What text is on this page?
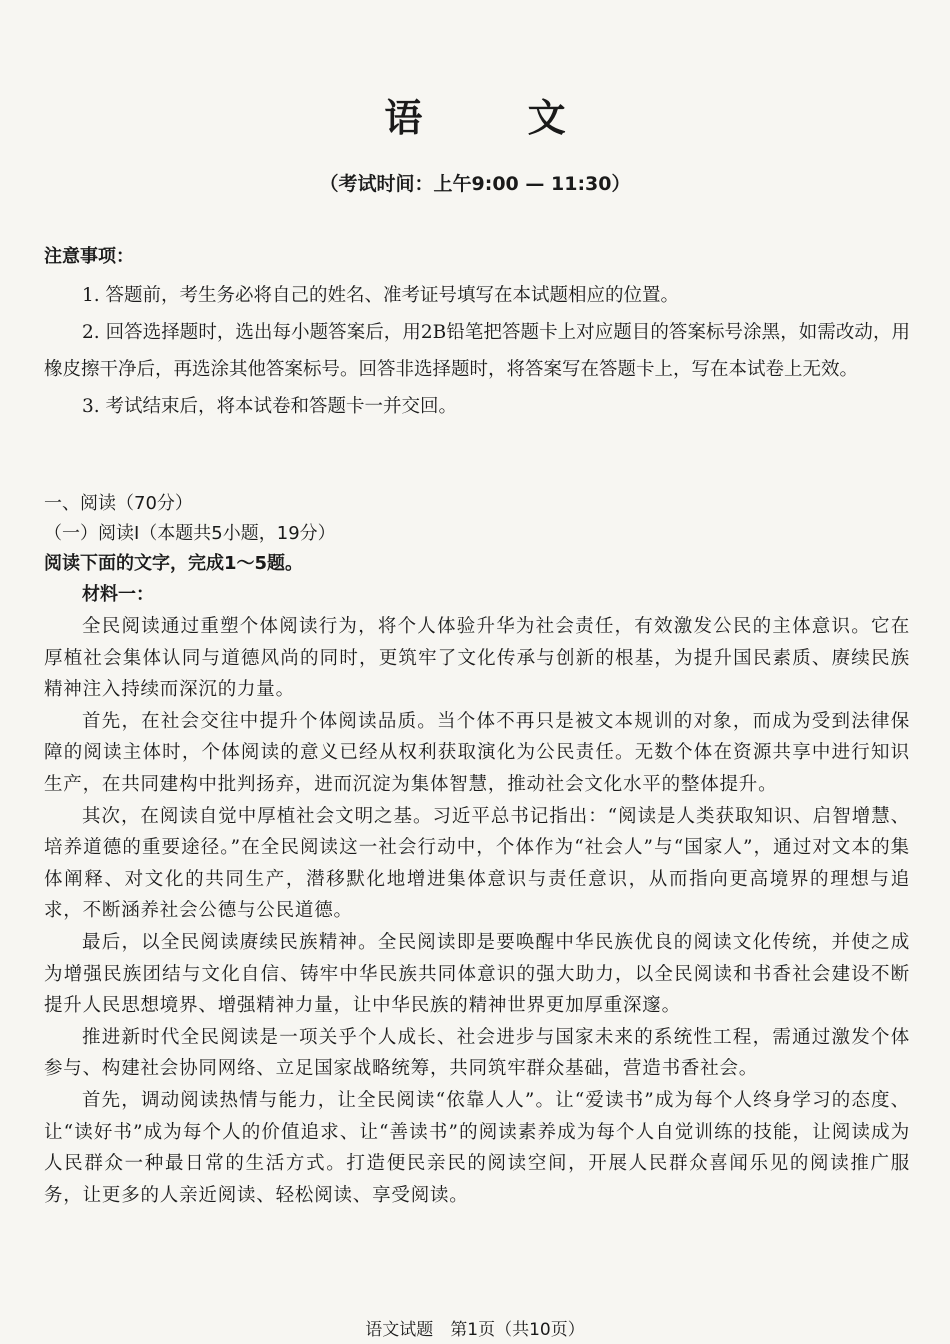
语 文
（考试时间：上午9:00 — 11:30）

注意事项：

1. 答题前，考生务必将自己的姓名、准考证号填写在本试题相应的位置。

2. 回答选择题时，选出每小题答案后，用2B铅笔把答题卡上对应题目的答案标号涂黑，如需改动，用橡皮擦干净后，再选涂其他答案标号。回答非选择题时，将答案写在答题卡上，写在本试卷上无效。

3. 考试结束后，将本试卷和答题卡一并交回。

一、阅读（70分）

（一）阅读Ⅰ（本题共5小题，19分）

阅读下面的文字，完成1～5题。

材料一：

全民阅读通过重塑个体阅读行为，将个人体验升华为社会责任，有效激发公民的主体意识。它在厚植社会集体认同与道德风尚的同时，更筑牢了文化传承与创新的根基，为提升国民素质、赓续民族精神注入持续而深沉的力量。

首先，在社会交往中提升个体阅读品质。当个体不再只是被文本规训的对象，而成为受到法律保障的阅读主体时，个体阅读的意义已经从权利获取演化为公民责任。无数个体在资源共享中进行知识生产，在共同建构中批判扬弃，进而沉淀为集体智慧，推动社会文化水平的整体提升。

其次，在阅读自觉中厚植社会文明之基。习近平总书记指出：“阅读是人类获取知识、启智增慧、培养道德的重要途径。”在全民阅读这一社会行动中，个体作为“社会人”与“国家人”，通过对文本的集体阐释、对文化的共同生产，潜移默化地增进集体意识与责任意识，从而指向更高境界的理想与追求，不断涵养社会公德与公民道德。

最后，以全民阅读赓续民族精神。全民阅读即是要唤醒中华民族优良的阅读文化传统，并使之成为增强民族团结与文化自信、铸牢中华民族共同体意识的强大助力，以全民阅读和书香社会建设不断提升人民思想境界、增强精神力量，让中华民族的精神世界更加厚重深邃。

推进新时代全民阅读是一项关乎个人成长、社会进步与国家未来的系统性工程，需通过激发个体参与、构建社会协同网络、立足国家战略统筹，共同筑牢群众基础，营造书香社会。

首先，调动阅读热情与能力，让全民阅读“依靠人人”。让“爱读书”成为每个人终身学习的态度、让“读好书”成为每个人的价值追求、让“善读书”的阅读素养成为每个人自觉训练的技能，让阅读成为人民群众一种最日常的生活方式。打造便民亲民的阅读空间，开展人民群众喜闻乐见的阅读推广服务，让更多的人亲近阅读、轻松阅读、享受阅读。

语文试题　第1页（共10页）
